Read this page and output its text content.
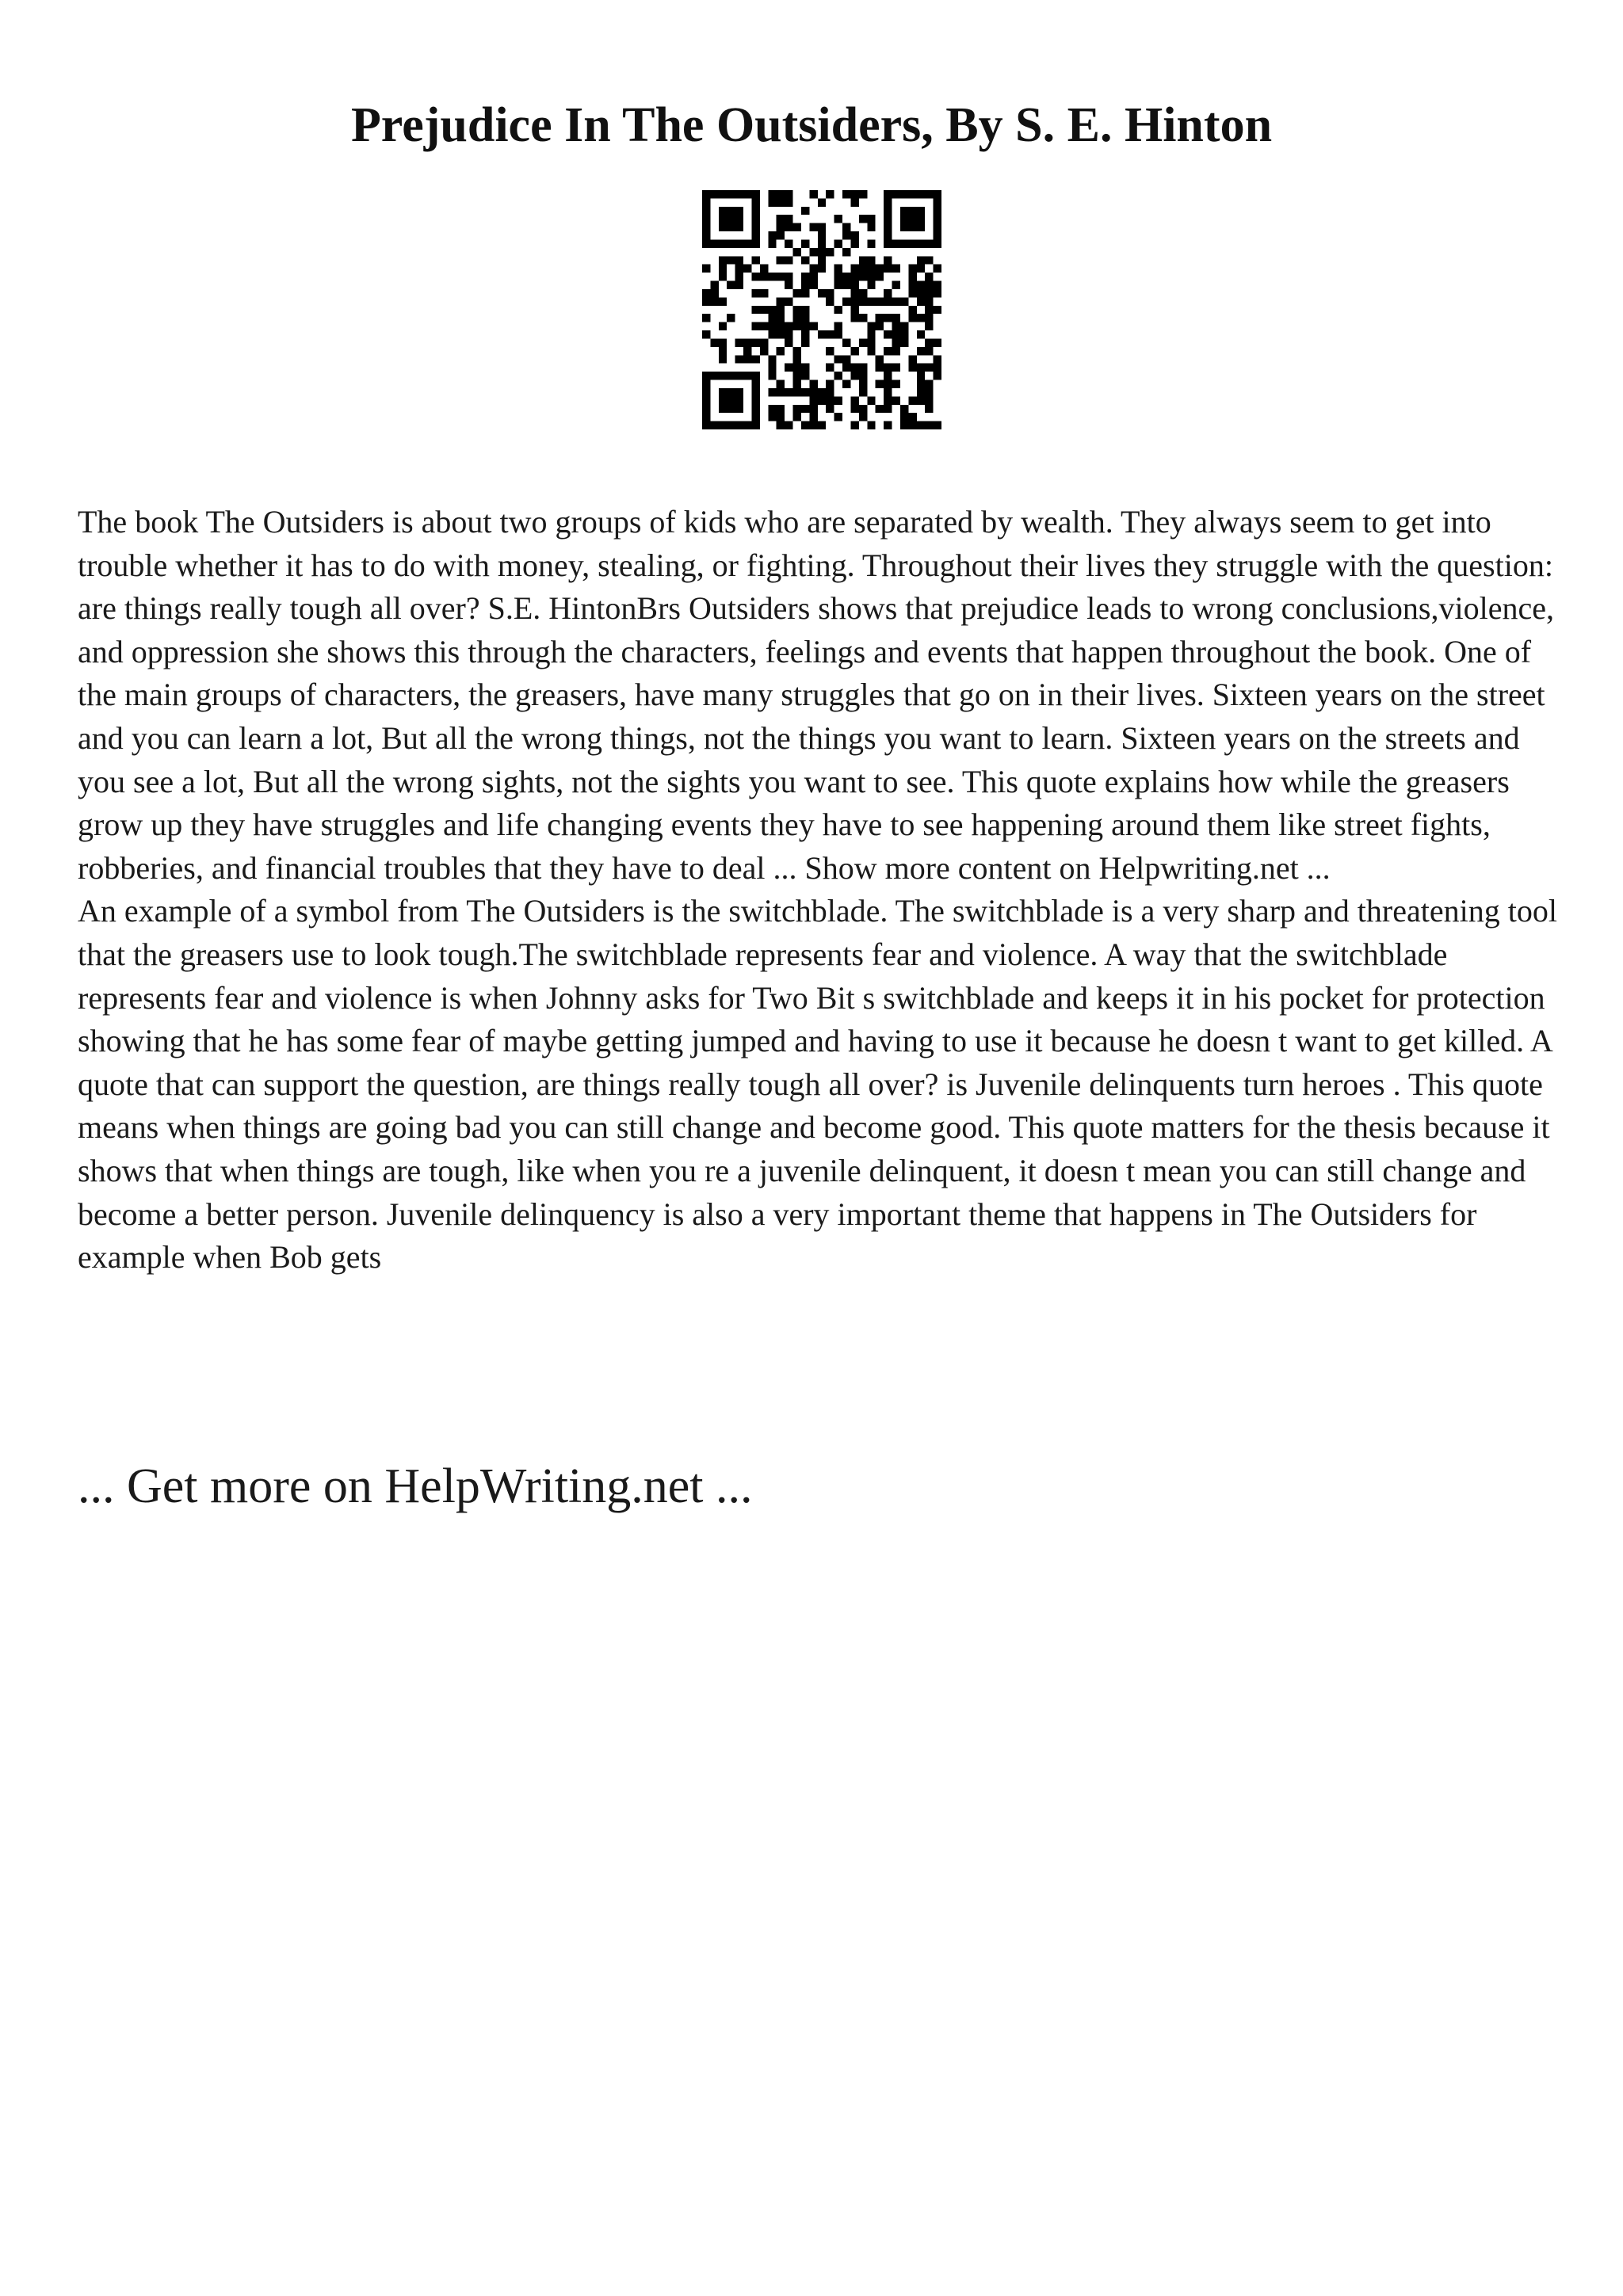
Prejudice In The Outsiders, By S. E. Hinton

The book The Outsiders is about two groups of kids who are separated by wealth. They always seem to get into trouble whether it has to do with money, stealing, or fighting. Throughout their lives they struggle with the question: are things really tough all over? S.E. HintonBrs Outsiders shows that prejudice leads to wrong conclusions,violence, and oppression she shows this through the characters, feelings and events that happen throughout the book. One of the main groups of characters, the greasers, have many struggles that go on in their lives. Sixteen years on the street and you can learn a lot, But all the wrong things, not the things you want to learn. Sixteen years on the streets and you see a lot, But all the wrong sights, not the sights you want to see. This quote explains how while the greasers grow up they have struggles and life changing events they have to see happening around them like street fights, robberies, and financial troubles that they have to deal ... Show more content on Helpwriting.net ...

An example of a symbol from The Outsiders is the switchblade. The switchblade is a very sharp and threatening tool that the greasers use to look tough.The switchblade represents fear and violence. A way that the switchblade represents fear and violence is when Johnny asks for Two Bit s switchblade and keeps it in his pocket for protection showing that he has some fear of maybe getting jumped and having to use it because he doesn t want to get killed. A quote that can support the question, are things really tough all over? is Juvenile delinquents turn heroes . This quote means when things are going bad you can still change and become good. This quote matters for the thesis because it shows that when things are tough, like when you re a juvenile delinquent, it doesn t mean you can still change and become a better person. Juvenile delinquency is also a very important theme that happens in The Outsiders for example when Bob gets

... Get more on HelpWriting.net ...
